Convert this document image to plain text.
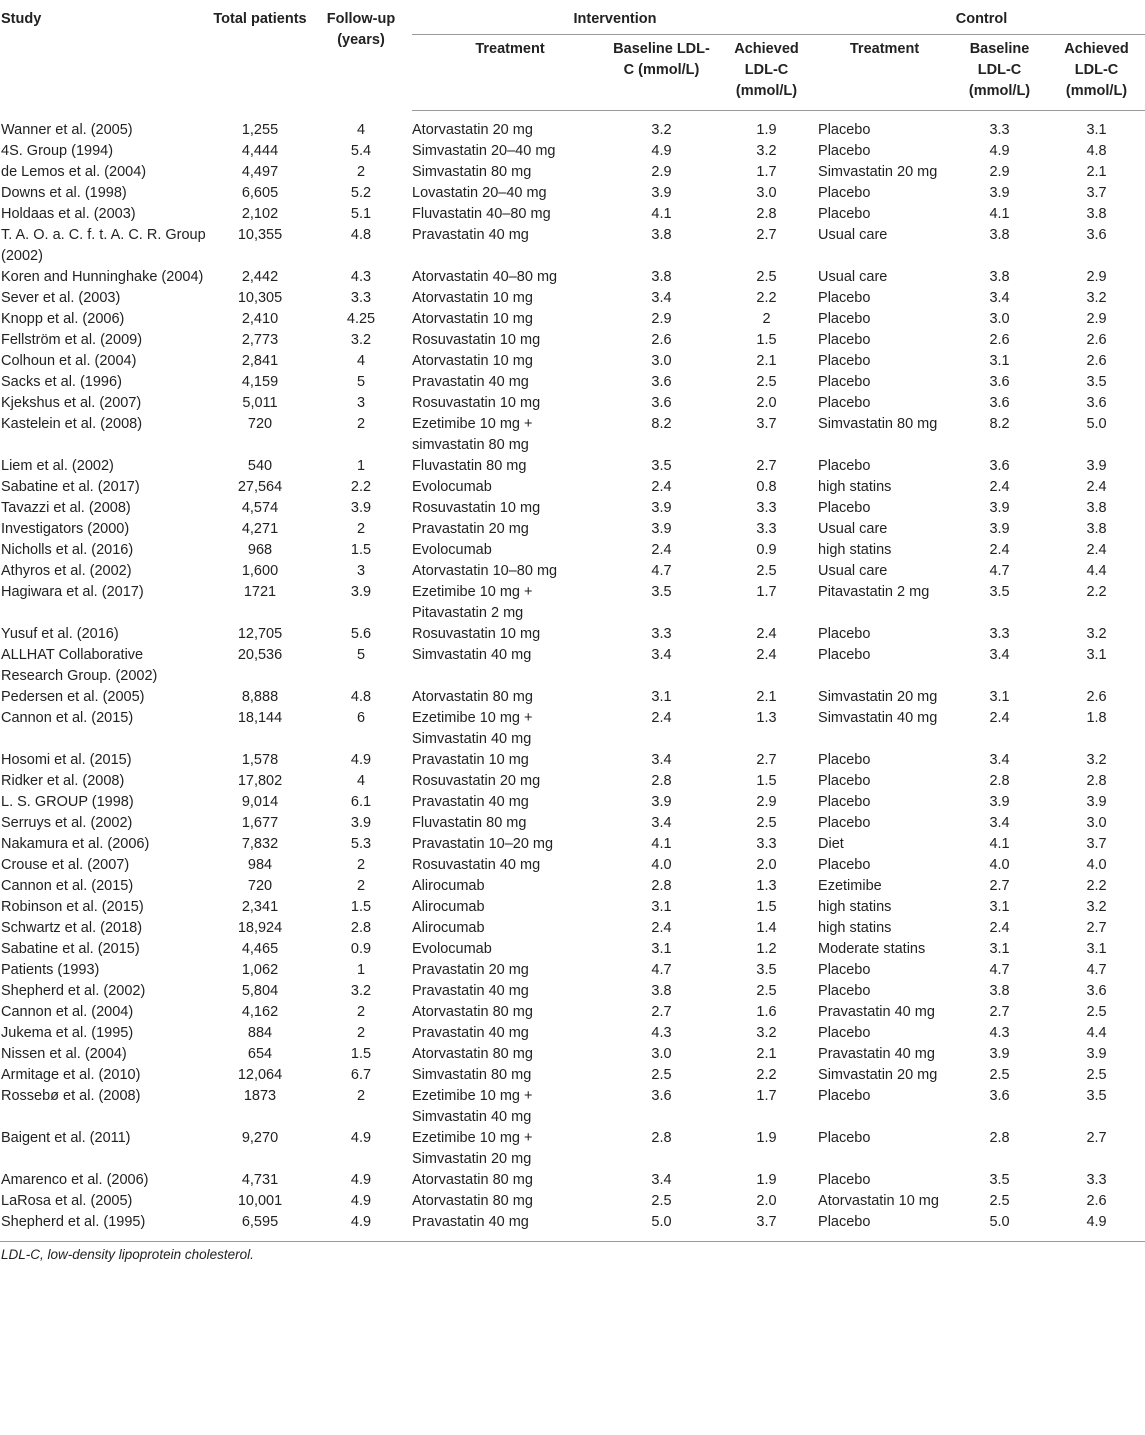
Study	Total patients	Follow-up (years)	Intervention			Control		
			Treatment	Baseline LDL-C (mmol/L)	Achieved LDL-C (mmol/L)	Treatment	Baseline LDL-C (mmol/L)	Achieved LDL-C (mmol/L)
Wanner et al. (2005)	1,255	4	Atorvastatin 20 mg	3.2	1.9	Placebo	3.3	3.1
4S. Group (1994)	4,444	5.4	Simvastatin 20–40 mg	4.9	3.2	Placebo	4.9	4.8
de Lemos et al. (2004)	4,497	2	Simvastatin 80 mg	2.9	1.7	Simvastatin 20 mg	2.9	2.1
Downs et al. (1998)	6,605	5.2	Lovastatin 20–40 mg	3.9	3.0	Placebo	3.9	3.7
Holdaas et al. (2003)	2,102	5.1	Fluvastatin 40–80 mg	4.1	2.8	Placebo	4.1	3.8
T. A. O. a. C. f. t. A. C. R. Group (2002)	10,355	4.8	Pravastatin 40 mg	3.8	2.7	Usual care	3.8	3.6
Koren and Hunninghake (2004)	2,442	4.3	Atorvastatin 40–80 mg	3.8	2.5	Usual care	3.8	2.9
Sever et al. (2003)	10,305	3.3	Atorvastatin 10 mg	3.4	2.2	Placebo	3.4	3.2
Knopp et al. (2006)	2,410	4.25	Atorvastatin 10 mg	2.9	2	Placebo	3.0	2.9
Fellström et al. (2009)	2,773	3.2	Rosuvastatin 10 mg	2.6	1.5	Placebo	2.6	2.6
Colhoun et al. (2004)	2,841	4	Atorvastatin 10 mg	3.0	2.1	Placebo	3.1	2.6
Sacks et al. (1996)	4,159	5	Pravastatin 40 mg	3.6	2.5	Placebo	3.6	3.5
Kjekshus et al. (2007)	5,011	3	Rosuvastatin 10 mg	3.6	2.0	Placebo	3.6	3.6
Kastelein et al. (2008)	720	2	Ezetimibe 10 mg + simvastatin 80 mg	8.2	3.7	Simvastatin 80 mg	8.2	5.0
Liem et al. (2002)	540	1	Fluvastatin 80 mg	3.5	2.7	Placebo	3.6	3.9
Sabatine et al. (2017)	27,564	2.2	Evolocumab	2.4	0.8	high statins	2.4	2.4
Tavazzi et al. (2008)	4,574	3.9	Rosuvastatin 10 mg	3.9	3.3	Placebo	3.9	3.8
Investigators (2000)	4,271	2	Pravastatin 20 mg	3.9	3.3	Usual care	3.9	3.8
Nicholls et al. (2016)	968	1.5	Evolocumab	2.4	0.9	high statins	2.4	2.4
Athyros et al. (2002)	1,600	3	Atorvastatin 10–80 mg	4.7	2.5	Usual care	4.7	4.4
Hagiwara et al. (2017)	1721	3.9	Ezetimibe 10 mg + Pitavastatin 2 mg	3.5	1.7	Pitavastatin 2 mg	3.5	2.2
Yusuf et al. (2016)	12,705	5.6	Rosuvastatin 10 mg	3.3	2.4	Placebo	3.3	3.2
ALLHAT Collaborative Research Group. (2002)	20,536	5	Simvastatin 40 mg	3.4	2.4	Placebo	3.4	3.1
Pedersen et al. (2005)	8,888	4.8	Atorvastatin 80 mg	3.1	2.1	Simvastatin 20 mg	3.1	2.6
Cannon et al. (2015)	18,144	6	Ezetimibe 10 mg + Simvastatin 40 mg	2.4	1.3	Simvastatin 40 mg	2.4	1.8
Hosomi et al. (2015)	1,578	4.9	Pravastatin 10 mg	3.4	2.7	Placebo	3.4	3.2
Ridker et al. (2008)	17,802	4	Rosuvastatin 20 mg	2.8	1.5	Placebo	2.8	2.8
L. S. GROUP (1998)	9,014	6.1	Pravastatin 40 mg	3.9	2.9	Placebo	3.9	3.9
Serruys et al. (2002)	1,677	3.9	Fluvastatin 80 mg	3.4	2.5	Placebo	3.4	3.0
Nakamura et al. (2006)	7,832	5.3	Pravastatin 10–20 mg	4.1	3.3	Diet	4.1	3.7
Crouse et al. (2007)	984	2	Rosuvastatin 40 mg	4.0	2.0	Placebo	4.0	4.0
Cannon et al. (2015)	720	2	Alirocumab	2.8	1.3	Ezetimibe	2.7	2.2
Robinson et al. (2015)	2,341	1.5	Alirocumab	3.1	1.5	high statins	3.1	3.2
Schwartz et al. (2018)	18,924	2.8	Alirocumab	2.4	1.4	high statins	2.4	2.7
Sabatine et al. (2015)	4,465	0.9	Evolocumab	3.1	1.2	Moderate statins	3.1	3.1
Patients (1993)	1,062	1	Pravastatin 20 mg	4.7	3.5	Placebo	4.7	4.7
Shepherd et al. (2002)	5,804	3.2	Pravastatin 40 mg	3.8	2.5	Placebo	3.8	3.6
Cannon et al. (2004)	4,162	2	Atorvastatin 80 mg	2.7	1.6	Pravastatin 40 mg	2.7	2.5
Jukema et al. (1995)	884	2	Pravastatin 40 mg	4.3	3.2	Placebo	4.3	4.4
Nissen et al. (2004)	654	1.5	Atorvastatin 80 mg	3.0	2.1	Pravastatin 40 mg	3.9	3.9
Armitage et al. (2010)	12,064	6.7	Simvastatin 80 mg	2.5	2.2	Simvastatin 20 mg	2.5	2.5
Rossebø et al. (2008)	1873	2	Ezetimibe 10 mg + Simvastatin 40 mg	3.6	1.7	Placebo	3.6	3.5
Baigent et al. (2011)	9,270	4.9	Ezetimibe 10 mg + Simvastatin 20 mg	2.8	1.9	Placebo	2.8	2.7
Amarenco et al. (2006)	4,731	4.9	Atorvastatin 80 mg	3.4	1.9	Placebo	3.5	3.3
LaRosa et al. (2005)	10,001	4.9	Atorvastatin 80 mg	2.5	2.0	Atorvastatin 10 mg	2.5	2.6
Shepherd et al. (1995)	6,595	4.9	Pravastatin 40 mg	5.0	3.7	Placebo	5.0	4.9
LDL-C, low-density lipoprotein cholesterol.
